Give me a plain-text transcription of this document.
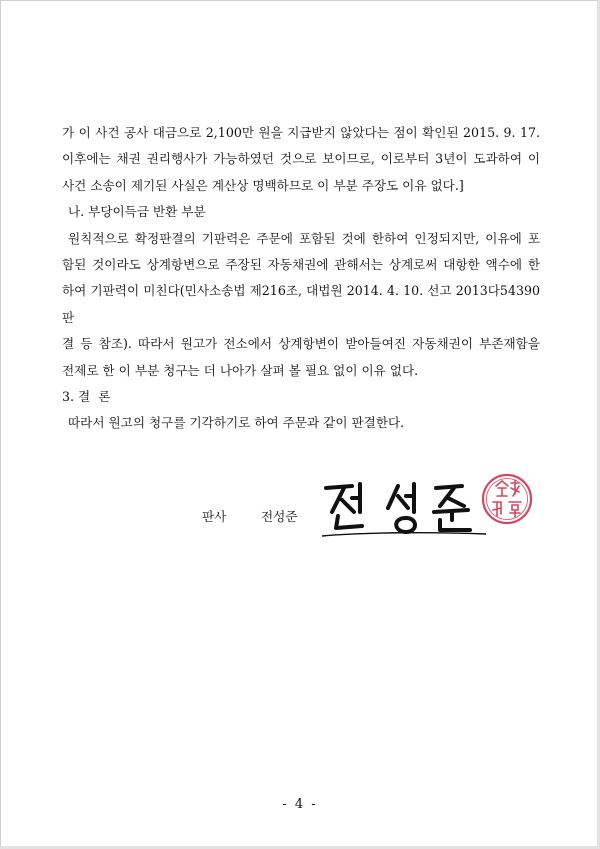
가 이 사건 공사 대금으로 2,100만 원을 지급받지 않았다는 점이 확인된 2015. 9. 17.

이후에는 채권 권리행사가 가능하였던 것으로 보이므로, 이로부터 3년이 도과하여 이

사건 소송이 제기된 사실은 계산상 명백하므로 이 부분 주장도 이유 없다.]

나. 부당이득금 반환 부분

원칙적으로 확정판결의 기판력은 주문에 포함된 것에 한하여 인정되지만, 이유에 포

함된 것이라도 상계항변으로 주장된 자동채권에 관해서는 상계로써 대항한 액수에 한

하여 기판력이 미친다(민사소송법 제216조, 대법원 2014. 4. 10. 선고 2013다54390 판

결 등 참조). 따라서 원고가 전소에서 상계항변이 받아들여진 자동채권이 부존재함을

전제로 한 이 부분 청구는 더 나아가 살펴 볼 필요 없이 이유 없다.

3. 결  론

따라서 원고의 청구를 기각하기로 하여 주문과 같이 판결한다.

판사	전성준
- 4 -
